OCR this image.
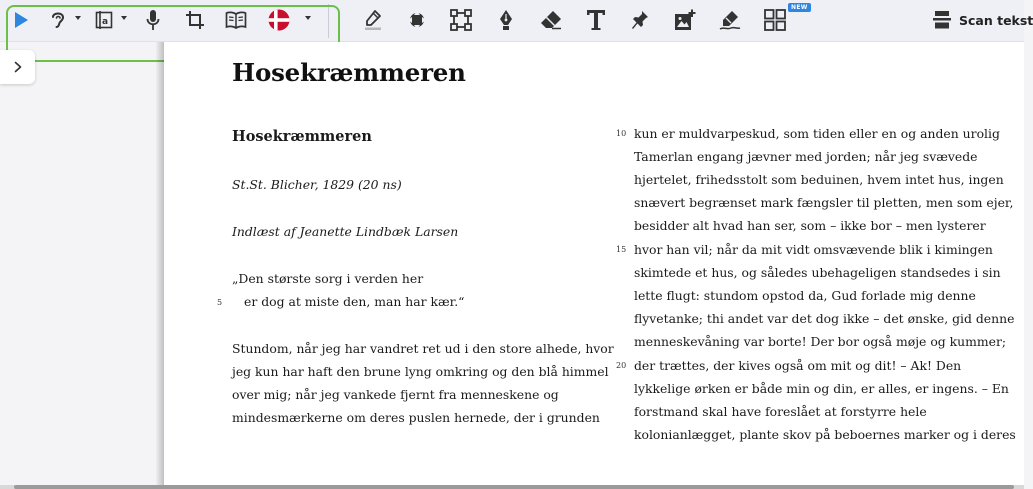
a
NEW
Scan tekst
Hosekræmmeren
Hosekræmmeren
St.St. Blicher, 1829 (20 ns)
Indlæst af Jeanette Lindbæk Larsen
„Den største sorg i verden her
er dog at miste den, man har kær.“
5
Stundom, når jeg har vandret ret ud i den store alhede, hvor
jeg kun har haft den brune lyng omkring og den blå himmel
over mig; når jeg vankede fjernt fra menneskene og
mindesmærkerne om deres puslen hernede, der i grunden
10
15
20
kun er muldvarpeskud, som tiden eller en og anden urolig
Tamerlan engang jævner med jorden; når jeg svævede
hjertelet, frihedsstolt som beduinen, hvem intet hus, ingen
snævert begrænset mark fængsler til pletten, men som ejer,
besidder alt hvad han ser, som – ikke bor – men lysterer
hvor han vil; når da mit vidt omsvævende blik i kimingen
skimtede et hus, og således ubehageligen standsedes i sin
lette flugt: stundom opstod da, Gud forlade mig denne
flyvetanke; thi andet var det dog ikke – det ønske, gid denne
menneskevåning var borte! Der bor også møje og kummer;
der trættes, der kives også om mit og dit! – Ak! Den
lykkelige ørken er både min og din, er alles, er ingens. – En
forstmand skal have foreslået at forstyrre hele
kolonianlægget, plante skov på beboernes marker og i deres
